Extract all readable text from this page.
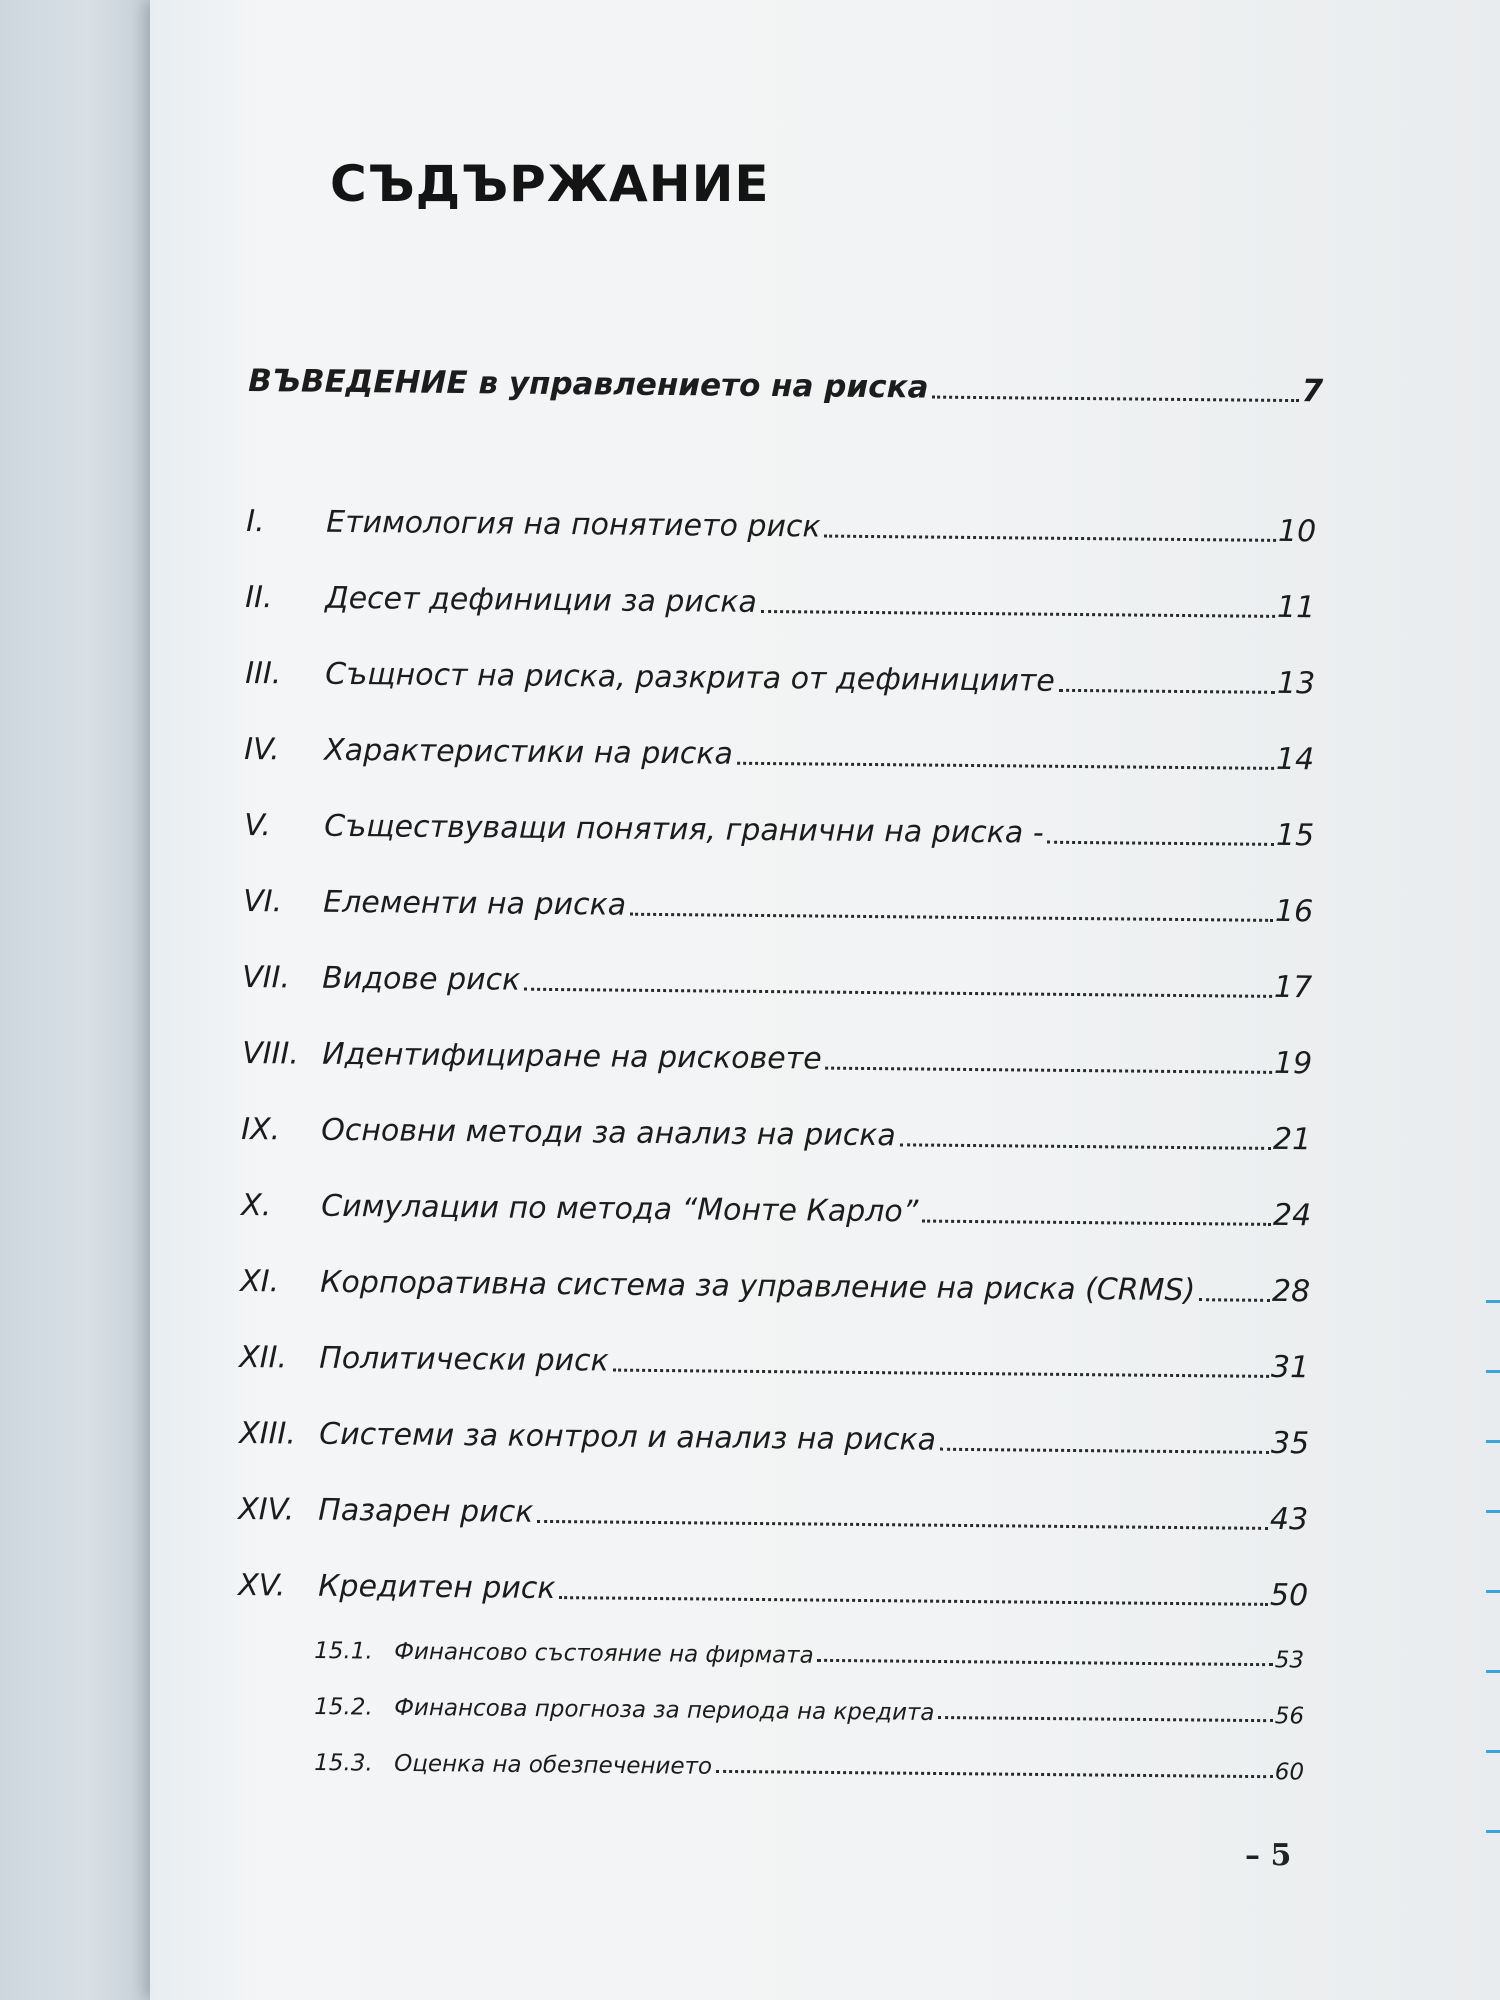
СЪДЪРЖАНИЕ
ВЪВЕДЕНИЕ в управлението на риска	7
I. Етимология на понятието риск	10
II. Десет дефиниции за риска	11
III. Същност на риска, разкрита от дефинициите	13
IV. Характеристики на риска	14
V. Съществуващи понятия, гранични на риска -	15
VI. Елементи на риска	16
VII. Видове риск	17
VIII. Идентифициране на рисковете	19
IX. Основни методи за анализ на риска	21
X. Симулации по метода “Монте Карло”	24
XI. Корпоративна система за управление на риска (CRMS)	28
XII. Политически риск	31
XIII. Системи за контрол и анализ на риска	35
XIV. Пазарен риск	43
XV. Кредитен риск	50
15.1. Финансово състояние на фирмата	53
15.2. Финансова прогноза за периода на кредита	56
15.3. Оценка на обезпечението	60
– 5
